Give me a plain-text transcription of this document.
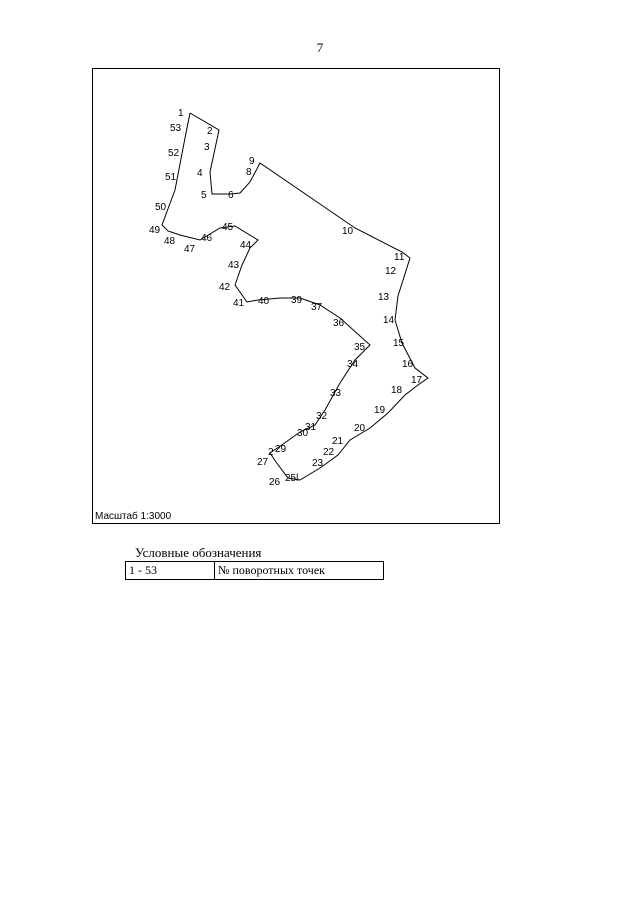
7
1
2
3
4
5 6
8
9
10
11
12
13
14
15
16
17
18
19
20
21
22
23
25l
26
27
2 29
30
31
32
33
34
35
36
37
39
40
41
42
43
44
45
46
47
48
49
50
51
52
53
Масштаб 1:3000
Условные обозначения
1 - 53	№ поворотных точек
